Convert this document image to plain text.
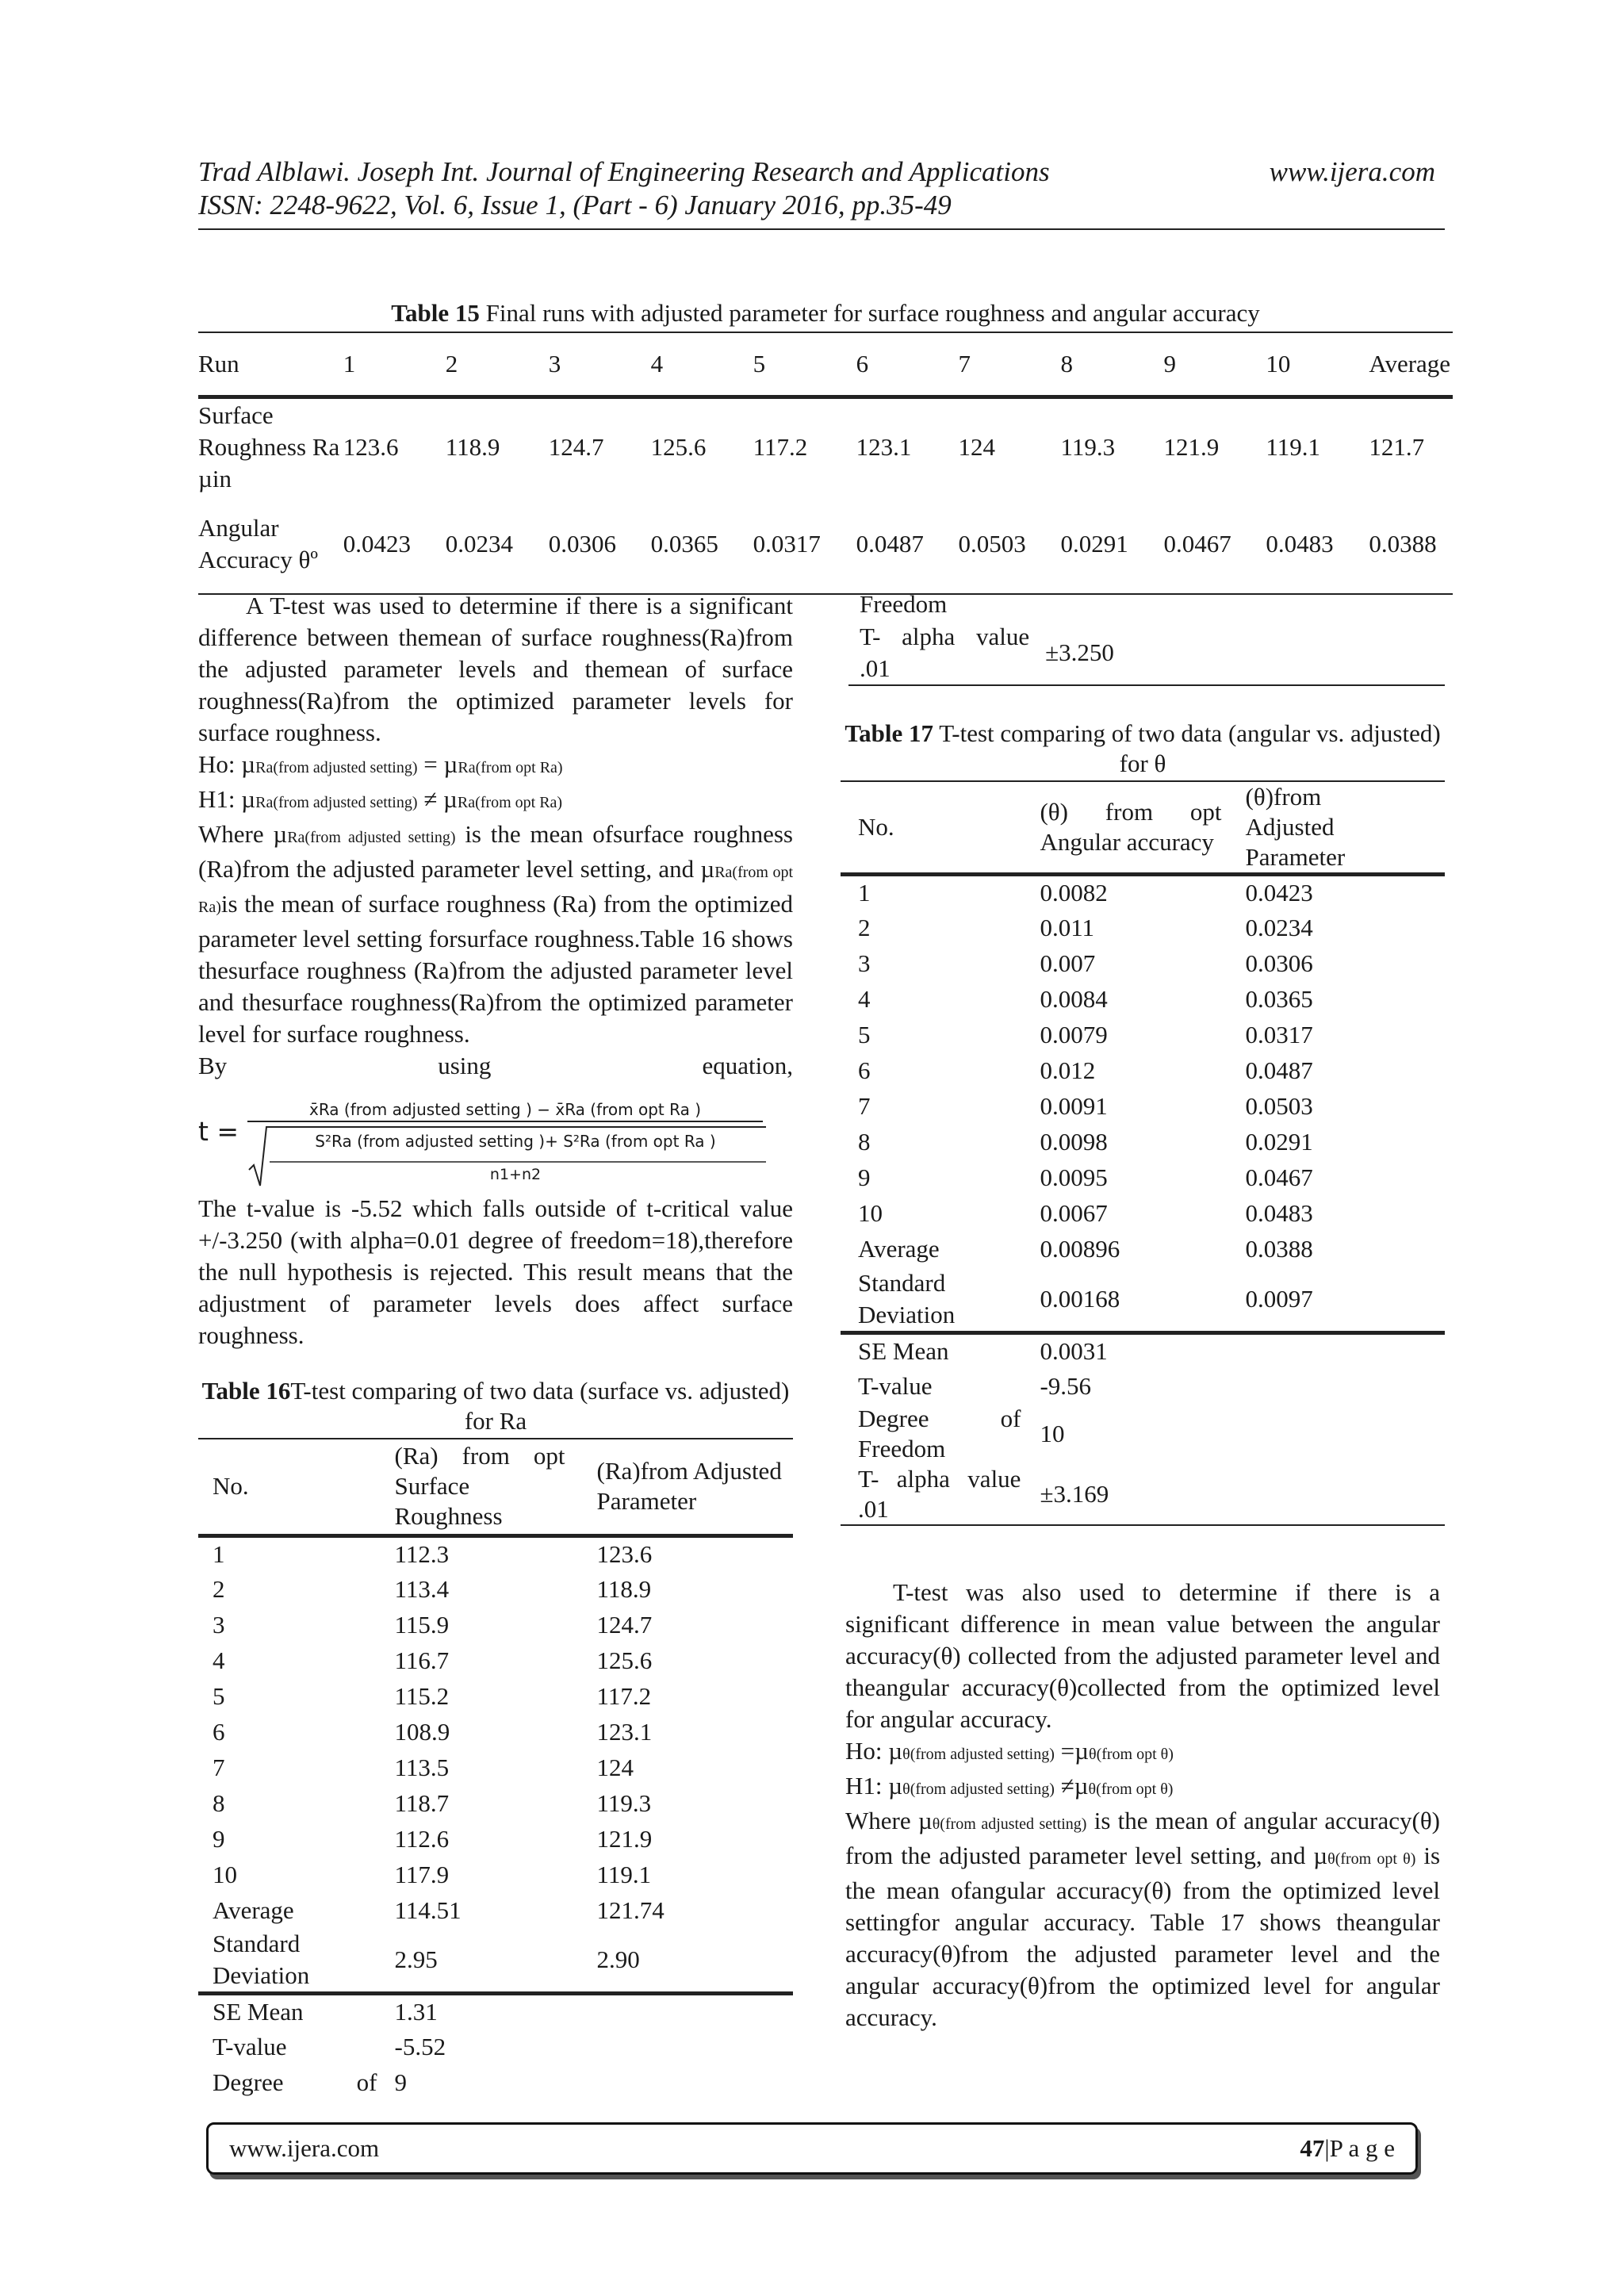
Trad Alblawi. Joseph Int. Journal of Engineering Research and Applications	www.ijera.com
ISSN: 2248-9622, Vol. 6, Issue 1, (Part - 6) January 2016, pp.35-49
Table 15 Final runs with adjusted parameter for surface roughness and angular accuracy
Run	1	2	3	4	5	6	7	8	9	10	Average
Surface Roughness Ra µin	123.6	118.9	124.7	125.6	117.2	123.1	124	119.3	121.9	119.1	121.7
Angular Accuracy θº	0.0423	0.0234	0.0306	0.0365	0.0317	0.0487	0.0503	0.0291	0.0467	0.0483	0.0388

A T-test was used to determine if there is a significant difference between themean of surface roughness(Ra)from the adjusted parameter levels and themean of surface roughness(Ra)from the optimized parameter levels for surface roughness.

Ho: µRa(from adjusted setting) = µRa(from opt Ra)

H1: µRa(from adjusted setting) ≠ µRa(from opt Ra)

Where µRa(from adjusted setting) is the mean ofsurface roughness (Ra)from the adjusted parameter level setting, and µRa(from opt Ra)is the mean of surface roughness (Ra) from the optimized parameter level setting forsurface roughness.Table 16 shows thesurface roughness (Ra)from the adjusted parameter level and thesurface roughness(Ra)from the optimized parameter level for surface roughness.

By using equation,

t =
x̄Ra (from adjusted setting ) − x̄Ra (from opt Ra )
S²Ra (from adjusted setting )+ S²Ra (from opt Ra )
n1+n2

The t-value is -5.52 which falls outside of t-critical value +/-3.250 (with alpha=0.01 degree of freedom=18),therefore the null hypothesis is rejected. This result means that the adjustment of parameter levels does affect surface roughness.

Table 16T-test comparing of two data (surface vs. adjusted) for Ra
No.	(Ra) from opt Surface Roughness	(Ra)from Adjusted Parameter
1	112.3	123.6
2	113.4	118.9
3	115.9	124.7
4	116.7	125.6
5	115.2	117.2
6	108.9	123.1
7	113.5	124
8	118.7	119.3
9	112.6	121.9
10	117.9	119.1
Average	114.51	121.74
Standard Deviation	2.95	2.90
SE Mean	1.31	
T-value	-5.52	
Degree of	9	
Freedom		
T- alpha value .01	±3.250	
Table 17 T-test comparing of two data (angular vs. adjusted) for θ
No.	(θ) from opt Angular accuracy	(θ)from Adjusted Parameter
1	0.0082	0.0423
2	0.011	0.0234
3	0.007	0.0306
4	0.0084	0.0365
5	0.0079	0.0317
6	0.012	0.0487
7	0.0091	0.0503
8	0.0098	0.0291
9	0.0095	0.0467
10	0.0067	0.0483
Average	0.00896	0.0388
Standard Deviation	0.00168	0.0097
SE Mean	0.0031	
T-value	-9.56	
Degree of Freedom	10	
T- alpha value .01	±3.169	

T-test was also used to determine if there is a significant difference in mean value between the angular accuracy(θ) collected from the adjusted parameter level and theangular accuracy(θ)collected from the optimized level for angular accuracy.

Ho: µθ(from adjusted setting) =µθ(from opt θ)

H1: µθ(from adjusted setting) ≠µθ(from opt θ)

Where µθ(from adjusted setting) is the mean of angular accuracy(θ) from the adjusted parameter level setting, and µθ(from opt θ) is the mean ofangular accuracy(θ) from the optimized level settingfor angular accuracy. Table 17 shows theangular accuracy(θ)from the adjusted parameter level and the angular accuracy(θ)from the optimized level for angular accuracy.

www.ijera.com	47|P a g e
